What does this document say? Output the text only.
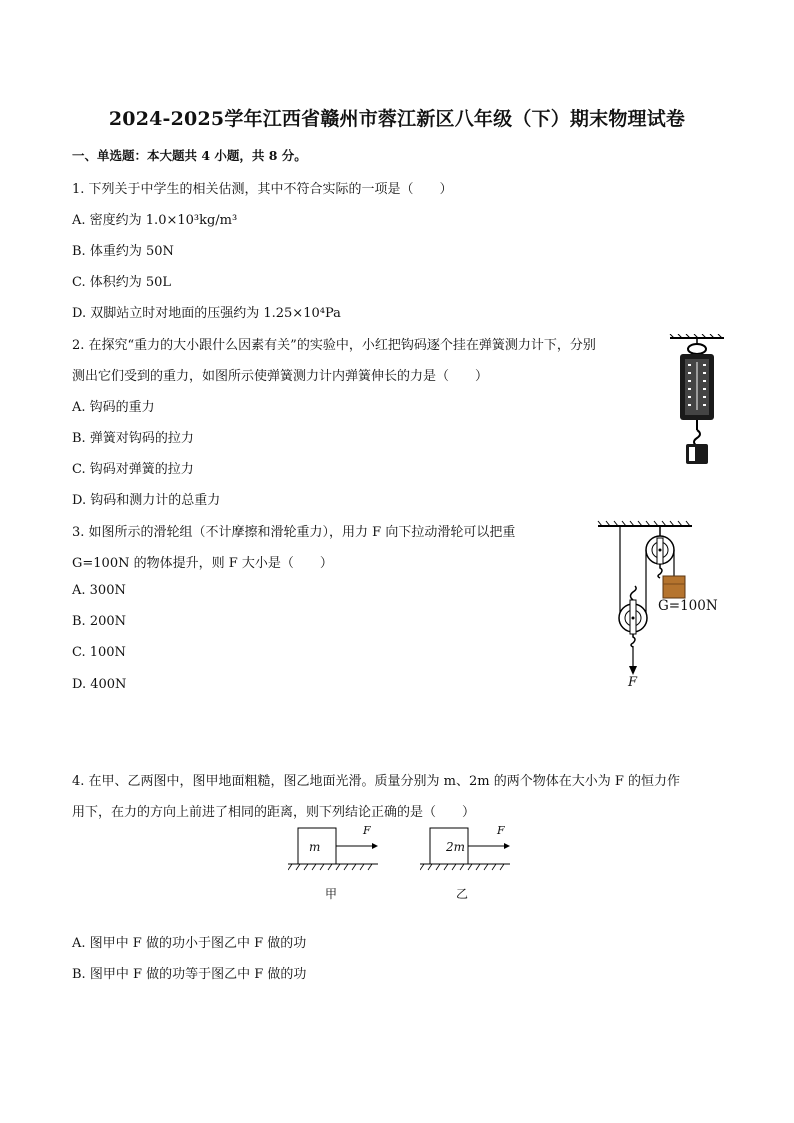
2024-2025学年江西省赣州市蓉江新区八年级（下）期末物理试卷
一、单选题：本大题共 4 小题，共 8 分。
1. 下列关于中学生的相关估测，其中不符合实际的一项是（　　）
A. 密度约为 1.0×10³kg/m³
B. 体重约为 50N
C. 体积约为 50L
D. 双脚站立时对地面的压强约为 1.25×10⁴Pa
2. 在探究“重力的大小跟什么因素有关”的实验中，小红把钩码逐个挂在弹簧测力计下，分别
测出它们受到的重力，如图所示使弹簧测力计内弹簧伸长的力是（　　）
A. 钩码的重力
B. 弹簧对钩码的拉力
C. 钩码对弹簧的拉力
D. 钩码和测力计的总重力
3. 如图所示的滑轮组（不计摩擦和滑轮重力），用力 F 向下拉动滑轮可以把重
G=100N 的物体提升，则 F 大小是（　　）
A. 300N
B. 200N
C. 100N
D. 400N
G=100N
F
4. 在甲、乙两图中，图甲地面粗糙，图乙地面光滑。质量分别为 m、2m 的两个物体在大小为 F 的恒力作
用下，在力的方向上前进了相同的距离，则下列结论正确的是（　　）
m
F
甲
2m
F
乙
A. 图甲中 F 做的功小于图乙中 F 做的功
B. 图甲中 F 做的功等于图乙中 F 做的功
